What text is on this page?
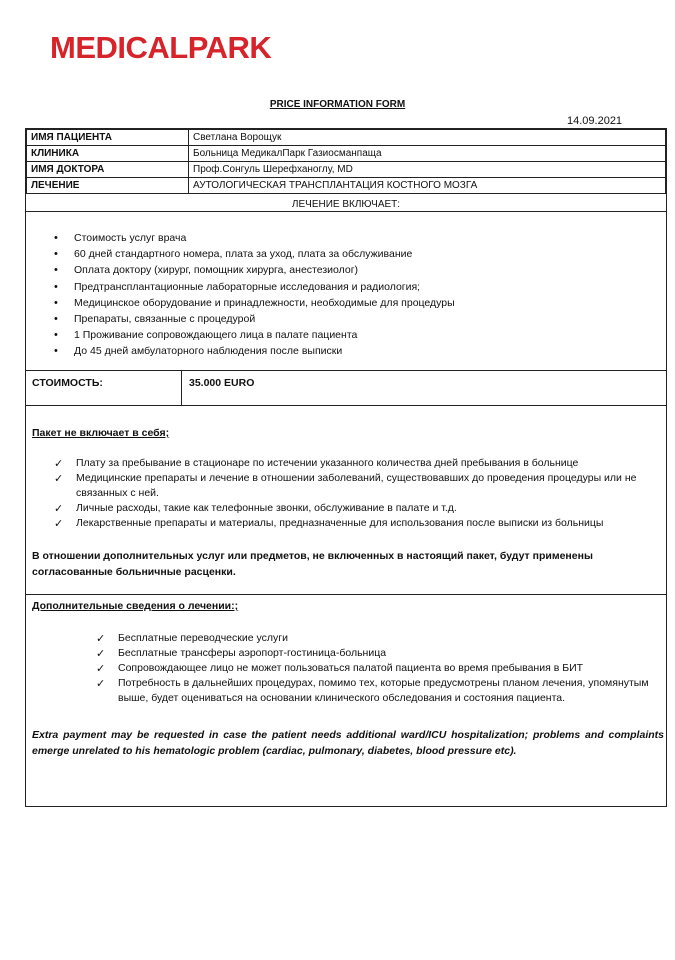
MEDICALPARK
PRICE INFORMATION FORM
14.09.2021
ИМЯ ПАЦИЕНТА	Светлана Ворощук
КЛИНИКА	Больница МедикалПарк Газиосманпаща
ИМЯ ДОКТОРА	Проф.Сонгуль Шерефханоглу, MD
ЛЕЧЕНИЕ	АУТОЛОГИЧЕСКАЯ ТРАНСПЛАНТАЦИЯ КОСТНОГО МОЗГА
ЛЕЧЕНИЕ ВКЛЮЧАЕТ:
• Стоимость услуг врача
• 60 дней стандартного номера, плата за уход, плата за обслуживание
• Оплата доктору (хирург, помощник хирурга, анестезиолог)
• Предтрансплантационные лабораторные исследования и радиология;
• Медицинское оборудование и принадлежности, необходимые для процедуры
• Препараты, связанные с процедурой
• 1 Проживание сопровождающего лица в палате пациента
• До 45 дней амбулаторного наблюдения после выписки
СТОИМОСТЬ:	35.000 EURO
Пакет не включает в себя;
✓ Плату за пребывание в стационаре по истечении указанного количества дней пребывания в больнице
✓ Медицинские препараты и лечение в отношении заболеваний, существовавших до проведения процедуры или не связанных с ней.
✓ Личные расходы, такие как телефонные звонки, обслуживание в палате и т.д.
✓ Лекарственные препараты и материалы, предназначенные для использования после выписки из больницы
В отношении дополнительных услуг или предметов, не включенных в настоящий пакет, будут применены согласованные больничные расценки.
Дополнительные сведения о лечении:;
✓ Бесплатные переводческие услуги
✓ Бесплатные трансферы аэропорт-гостиница-больница
✓ Сопровождающее лицо не может пользоваться палатой пациента во время пребывания в БИТ
✓ Потребность в дальнейших процедурах, помимо тех, которые предусмотрены планом лечения, упомянутым выше, будет оцениваться на основании клинического обследования и состояния пациента.
Extra payment may be requested in case the patient needs additional ward/ICU hospitalization; problems and complaints emerge unrelated to his hematologic problem (cardiac, pulmonary, diabetes, blood pressure etc).
